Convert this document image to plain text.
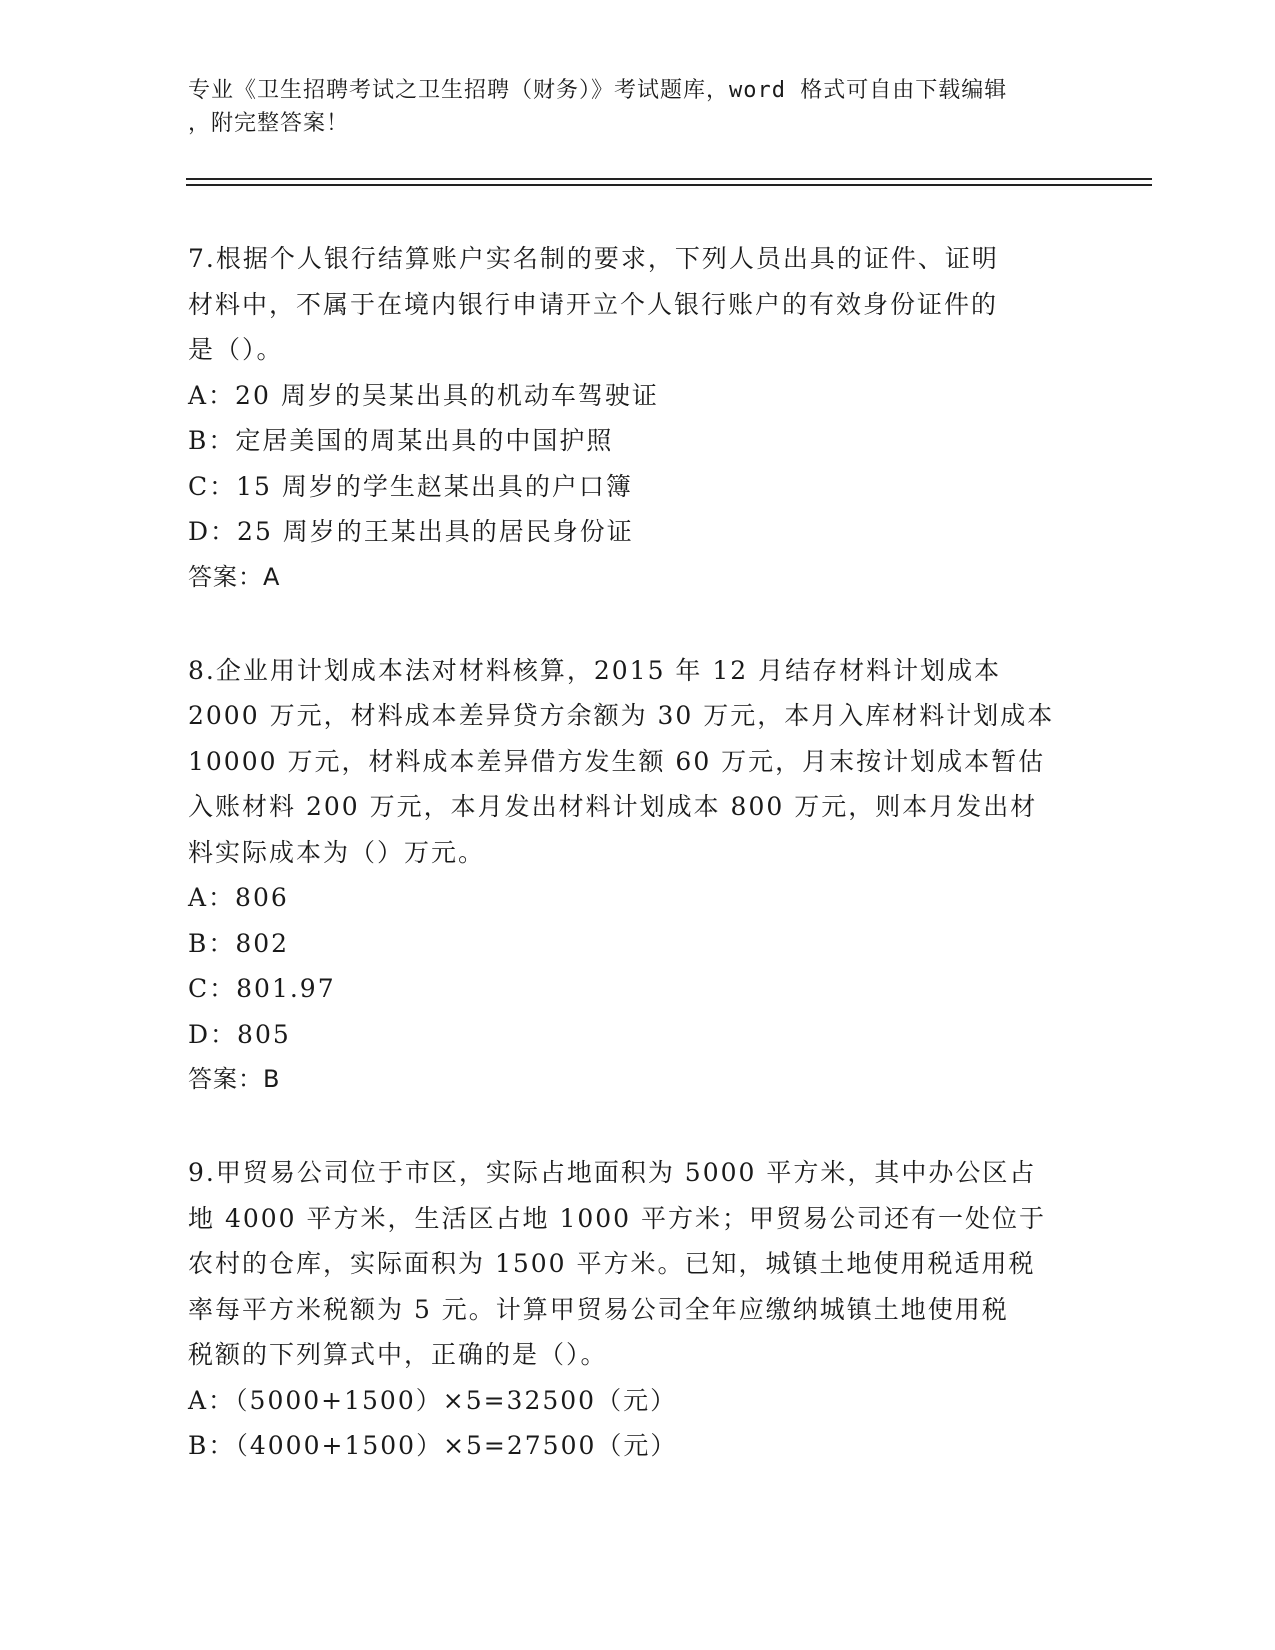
专业《卫生招聘考试之卫生招聘（财务）》考试题库，word 格式可自由下载编辑
，附完整答案！
7.根据个人银行结算账户实名制的要求，下列人员出具的证件、证明
材料中，不属于在境内银行申请开立个人银行账户的有效身份证件的
是（）。
A：20 周岁的吴某出具的机动车驾驶证
B：定居美国的周某出具的中国护照
C：15 周岁的学生赵某出具的户口簿
D：25 周岁的王某出具的居民身份证
答案：A
8.企业用计划成本法对材料核算，2015 年 12 月结存材料计划成本
2000 万元，材料成本差异贷方余额为 30 万元，本月入库材料计划成本
10000 万元，材料成本差异借方发生额 60 万元，月末按计划成本暂估
入账材料 200 万元，本月发出材料计划成本 800 万元，则本月发出材
料实际成本为（）万元。
A：806
B：802
C：801.97
D：805
答案：B
9.甲贸易公司位于市区，实际占地面积为 5000 平方米，其中办公区占
地 4000 平方米，生活区占地 1000 平方米；甲贸易公司还有一处位于
农村的仓库，实际面积为 1500 平方米。已知，城镇土地使用税适用税
率每平方米税额为 5 元。计算甲贸易公司全年应缴纳城镇土地使用税
税额的下列算式中，正确的是（）。
A：（5000+1500）×5=32500（元）
B：（4000+1500）×5=27500（元）
